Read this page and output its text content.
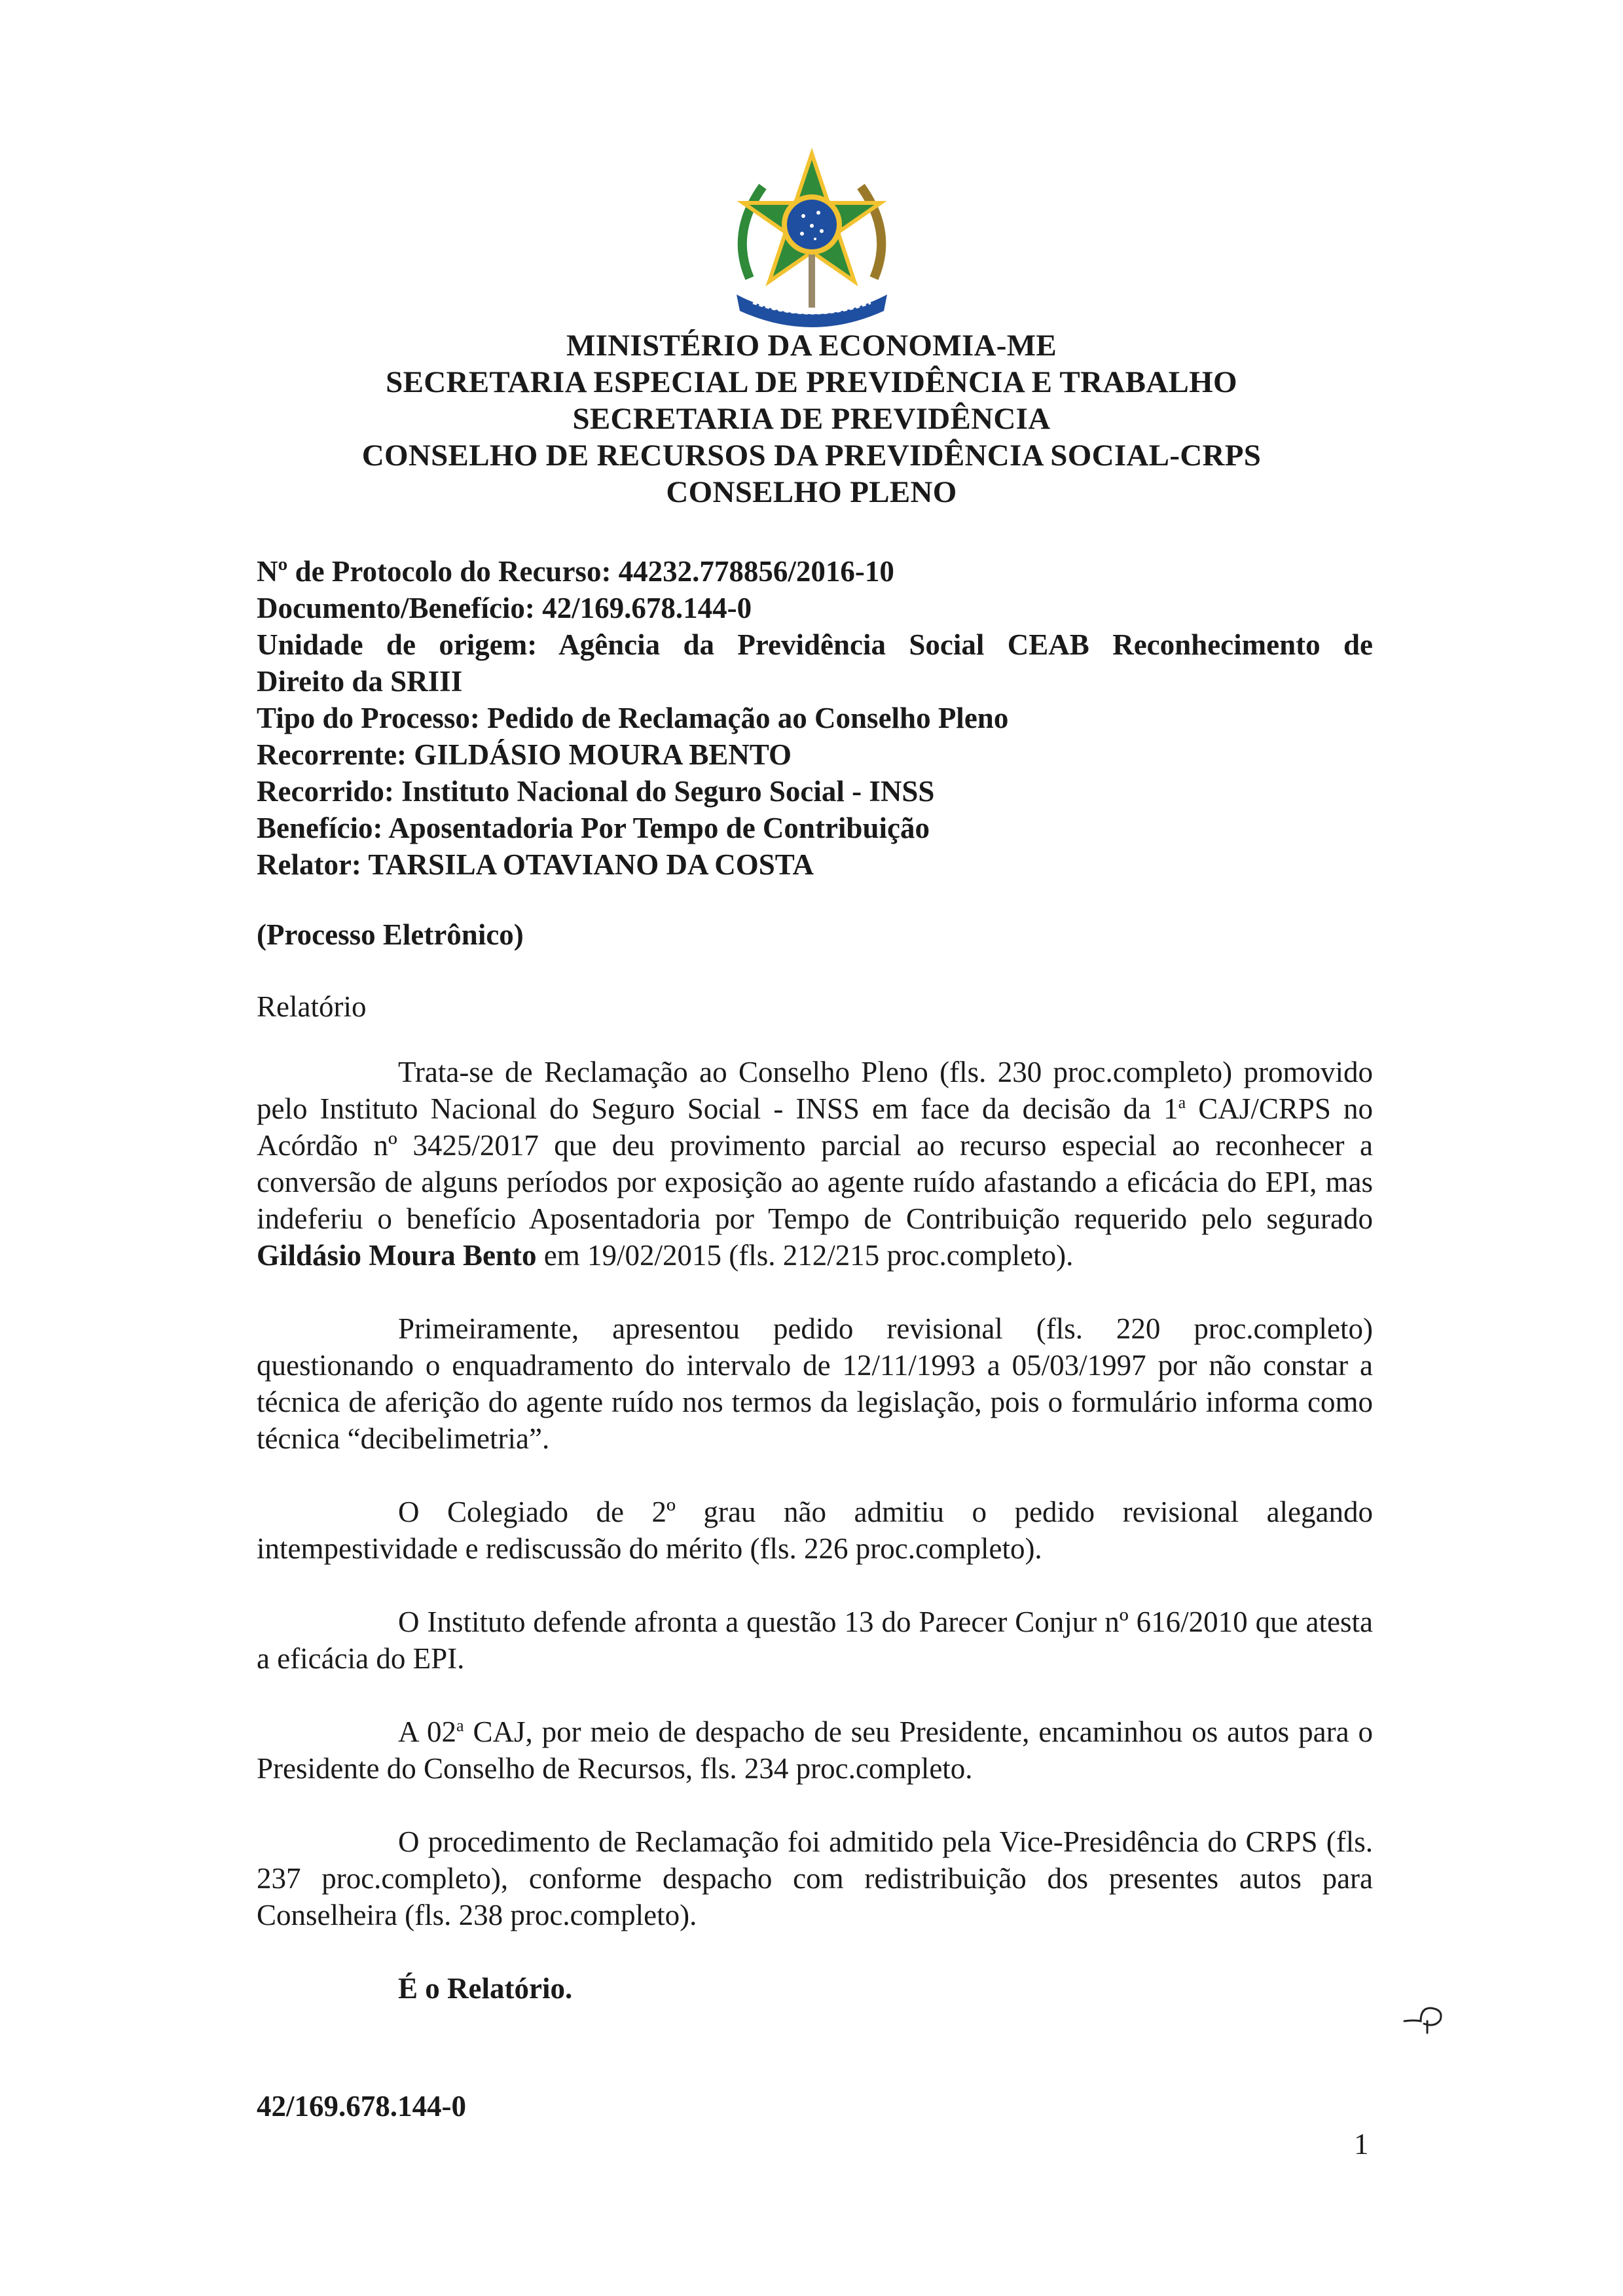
MINISTÉRIO DA ECONOMIA-ME
SECRETARIA ESPECIAL DE PREVIDÊNCIA E TRABALHO
SECRETARIA DE PREVIDÊNCIA
CONSELHO DE RECURSOS DA PREVIDÊNCIA SOCIAL-CRPS
CONSELHO PLENO

Nº de Protocolo do Recurso: 44232.778856/2016-10

Documento/Benefício: 42/169.678.144-0

Unidade de origem: Agência da Previdência Social CEAB Reconhecimento de

Direito da SRIII

Tipo do Processo: Pedido de Reclamação ao Conselho Pleno

Recorrente: GILDÁSIO MOURA BENTO

Recorrido: Instituto Nacional do Seguro Social - INSS

Benefício: Aposentadoria Por Tempo de Contribuição

Relator: TARSILA OTAVIANO DA COSTA

(Processo Eletrônico)
Relatório

Trata-se de Reclamação ao Conselho Pleno (fls. 230 proc.completo) promovido pelo Instituto Nacional do Seguro Social - INSS em face da decisão da 1$^a$ CAJ/CRPS no Acórdão nº 3425/2017 que deu provimento parcial ao recurso especial ao reconhecer a conversão de alguns períodos por exposição ao agente ruído afastando a eficácia do EPI, mas indeferiu o benefício Aposentadoria por Tempo de Contribuição requerido pelo segurado Gildásio Moura Bento em 19/02/2015 (fls. 212/215 proc.completo).

Primeiramente, apresentou pedido revisional (fls. 220 proc.completo) questionando o enquadramento do intervalo de 12/11/1993 a 05/03/1997 por não constar a técnica de aferição do agente ruído nos termos da legislação, pois o formulário informa como técnica “decibelimetria”.

O Colegiado de 2º grau não admitiu o pedido revisional alegando intempestividade e rediscussão do mérito (fls. 226 proc.completo).

O Instituto defende afronta a questão 13 do Parecer Conjur nº 616/2010 que atesta a eficácia do EPI.

A 02$^a$ CAJ, por meio de despacho de seu Presidente, encaminhou os autos para o Presidente do Conselho de Recursos, fls. 234 proc.completo.

O procedimento de Reclamação foi admitido pela Vice-Presidência do CRPS (fls. 237 proc.completo), conforme despacho com redistribuição dos presentes autos para Conselheira (fls. 238 proc.completo).

É o Relatório.

42/169.678.144-0
1
